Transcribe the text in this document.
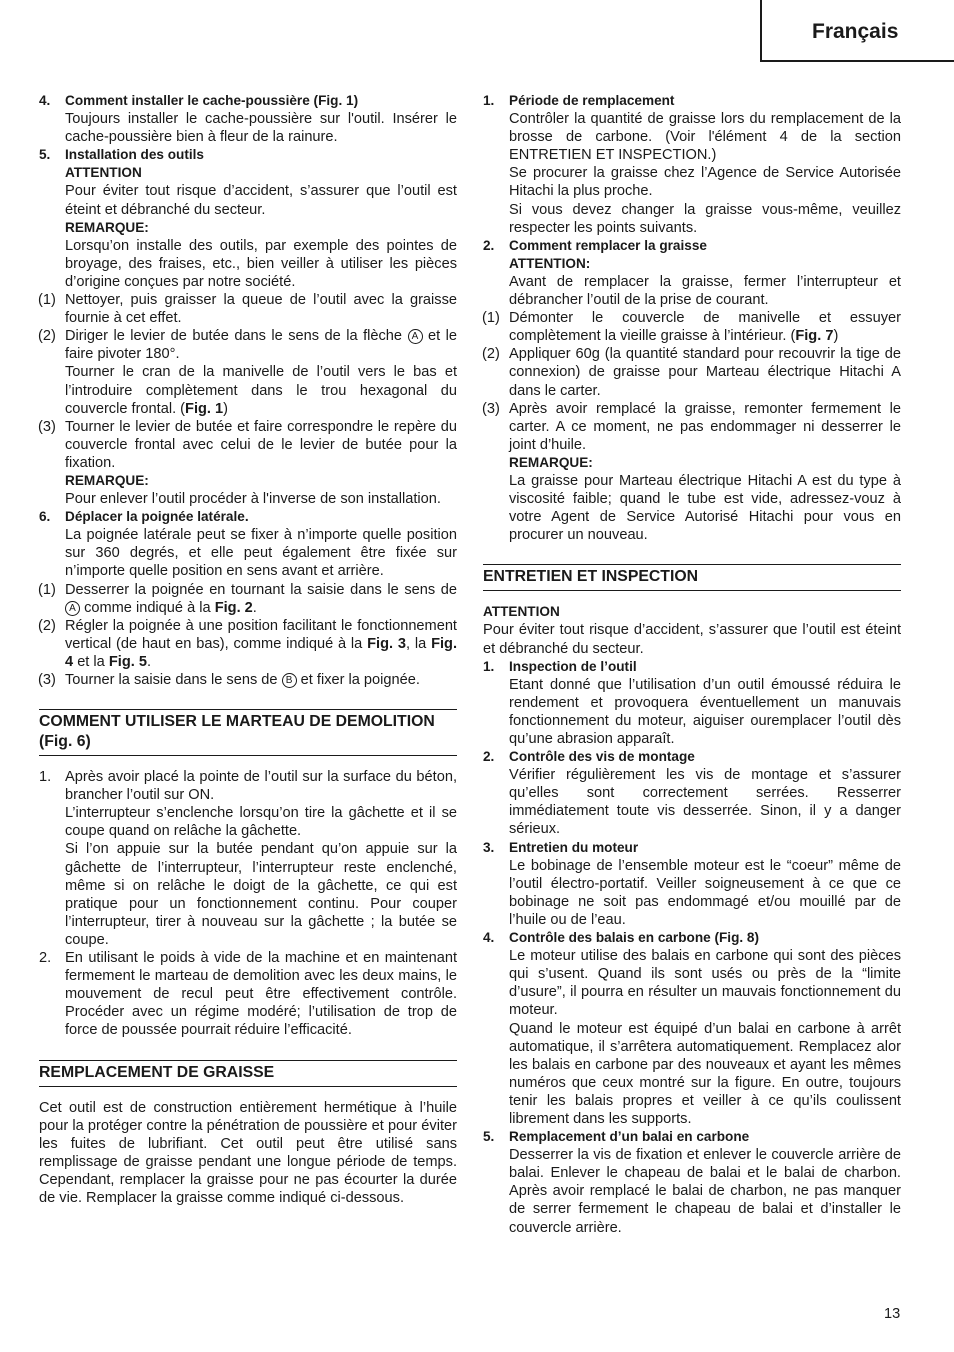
Français
4. Comment installer le cache-poussière (Fig. 1)
Toujours installer le cache-poussière sur l'outil. Insérer le cache-poussière bien à fleur de la rainure.
5. Installation des outils
ATTENTION
Pour éviter tout risque d’accident, s’assurer que l’outil est éteint et débranché du secteur.
REMARQUE:
Lorsqu’on installe des outils, par exemple des pointes de broyage, des fraises, etc., bien veiller à utiliser les pièces d’origine conçues par notre société.
(1) Nettoyer, puis graisser la queue de l’outil avec la graisse fournie à cet effet.
(2) Diriger le levier de butée dans le sens de la flèche A et le faire pivoter 180°.
Tourner le cran de la manivelle de l’outil vers le bas et l’introduire complètement dans le trou hexagonal du couvercle frontal. (Fig. 1)
(3) Tourner le levier de butée et faire correspondre le repère du couvercle frontal avec celui de le levier de butée pour la fixation.
REMARQUE:
Pour enlever l’outil procéder à l'inverse de son installation.
6. Déplacer la poignée latérale.
La poignée latérale peut se fixer à n’importe quelle position sur 360 degrés, et elle peut également être fixée sur n’importe quelle position en sens avant et arrière.
(1) Desserrer la poignée en tournant la saisie dans le sens de A comme indiqué à la Fig. 2.
(2) Régler la poignée à une position facilitant le fonctionnement vertical (de haut en bas), comme indiqué à la Fig. 3, la Fig. 4 et la Fig. 5.
(3) Tourner la saisie dans le sens de B et fixer la poignée.
COMMENT UTILISER LE MARTEAU DE DEMOLITION (Fig. 6)
1. Après avoir placé la pointe de l’outil sur la surface du béton, brancher l’outil sur ON.
L’interrupteur s’enclenche lorsqu’on tire la gâchette et il se coupe quand on relâche la gâchette.
Si l’on appuie sur la butée pendant qu’on appuie sur la gâchette de l’interrupteur, l’interrupteur reste enclenché, même si on relâche le doigt de la gâchette, ce qui est pratique pour un fonctionnement continu. Pour couper l’interrupteur, tirer à nouveau sur la gâchette ; la butée se coupe.
2. En utilisant le poids à vide de la machine et en maintenant fermement le marteau de demolition avec les deux mains, le mouvement de recul peut être effectivement contrôle. Procéder avec un régime modéré; l’utilisation de trop de force de poussée pourrait réduire l’efficacité.
REMPLACEMENT DE GRAISSE
Cet outil est de construction entièrement hermétique à l’huile pour la protéger contre la pénétration de poussière et pour éviter les fuites de lubrifiant. Cet outil peut être utilisé sans remplissage de graisse pendant une longue période de temps. Cependant, remplacer la graisse pour ne pas écourter la durée de vie. Remplacer la graisse comme indiqué ci-dessous.
1. Période de remplacement
Contrôler la quantité de graisse lors du remplacement de la brosse de carbone. (Voir l'élément 4 de la section ENTRETIEN ET INSPECTION.)
Se procurer la graisse chez l’Agence de Service Autorisée Hitachi la plus proche.
Si vous devez changer la graisse vous-même, veuillez respecter les points suivants.
2. Comment remplacer la graisse
ATTENTION:
Avant de remplacer la graisse, fermer l’interrupteur et débrancher l’outil de la prise de courant.
(1) Démonter le couvercle de manivelle et essuyer complètement la vieille graisse à l’intérieur. (Fig. 7)
(2) Appliquer 60g (la quantité standard pour recouvrir la tige de connexion) de graisse pour Marteau électrique Hitachi A dans le carter.
(3) Après avoir remplacé la graisse, remonter fermement le carter. A ce moment, ne pas endommager ni desserrer le joint d’huile.
REMARQUE:
La graisse pour Marteau électrique Hitachi A est du type à viscosité faible; quand le tube est vide, adressez-vouz à votre Agent de Service Autorisé Hitachi pour vous en procurer un nouveau.
ENTRETIEN ET INSPECTION
ATTENTION
Pour éviter tout risque d’accident, s’assurer que l’outil est éteint et débranché du secteur.
1. Inspection de l’outil
Etant donné que l’utilisation d’un outil émoussé réduira le rendement et provoquera éventuellement un manuvais fonctionnement du moteur, aiguiser ouremplacer l’outil dès qu’une abrasion apparaît.
2. Contrôle des vis de montage
Vérifier régulièrement les vis de montage et s’assurer qu’elles sont correctement serrées. Resserrer immédiatement toute vis desserrée. Sinon, il y a danger sérieux.
3. Entretien du moteur
Le bobinage de l’ensemble moteur est le “coeur” même de l’outil électro-portatif. Veiller soigneusement à ce que ce bobinage ne soit pas endommagé et/ou mouillé par de l’huile ou de l’eau.
4. Contrôle des balais en carbone (Fig. 8)
Le moteur utilise des balais en carbone qui sont des pièces qui s’usent. Quand ils sont usés ou près de la “limite d’usure”, il pourra en résulter un mauvais fonctionnement du moteur.
Quand le moteur est équipé d’un balai en carbone à arrêt automatique, il s’arrêtera automatiquement. Remplacez alor les balais en carbone par des nouveaux et ayant les mêmes numéros que ceux montré sur la figure. En outre, toujours tenir les balais propres et veiller à ce qu’ils coulissent librement dans les supports.
5. Remplacement d’un balai en carbone
Desserrer la vis de fixation et enlever le couvercle arrière de balai. Enlever le chapeau de balai et le balai de charbon. Après avoir remplacé le balai de charbon, ne pas manquer de serrer fermement le chapeau de balai et d’installer le couvercle arrière.
13
